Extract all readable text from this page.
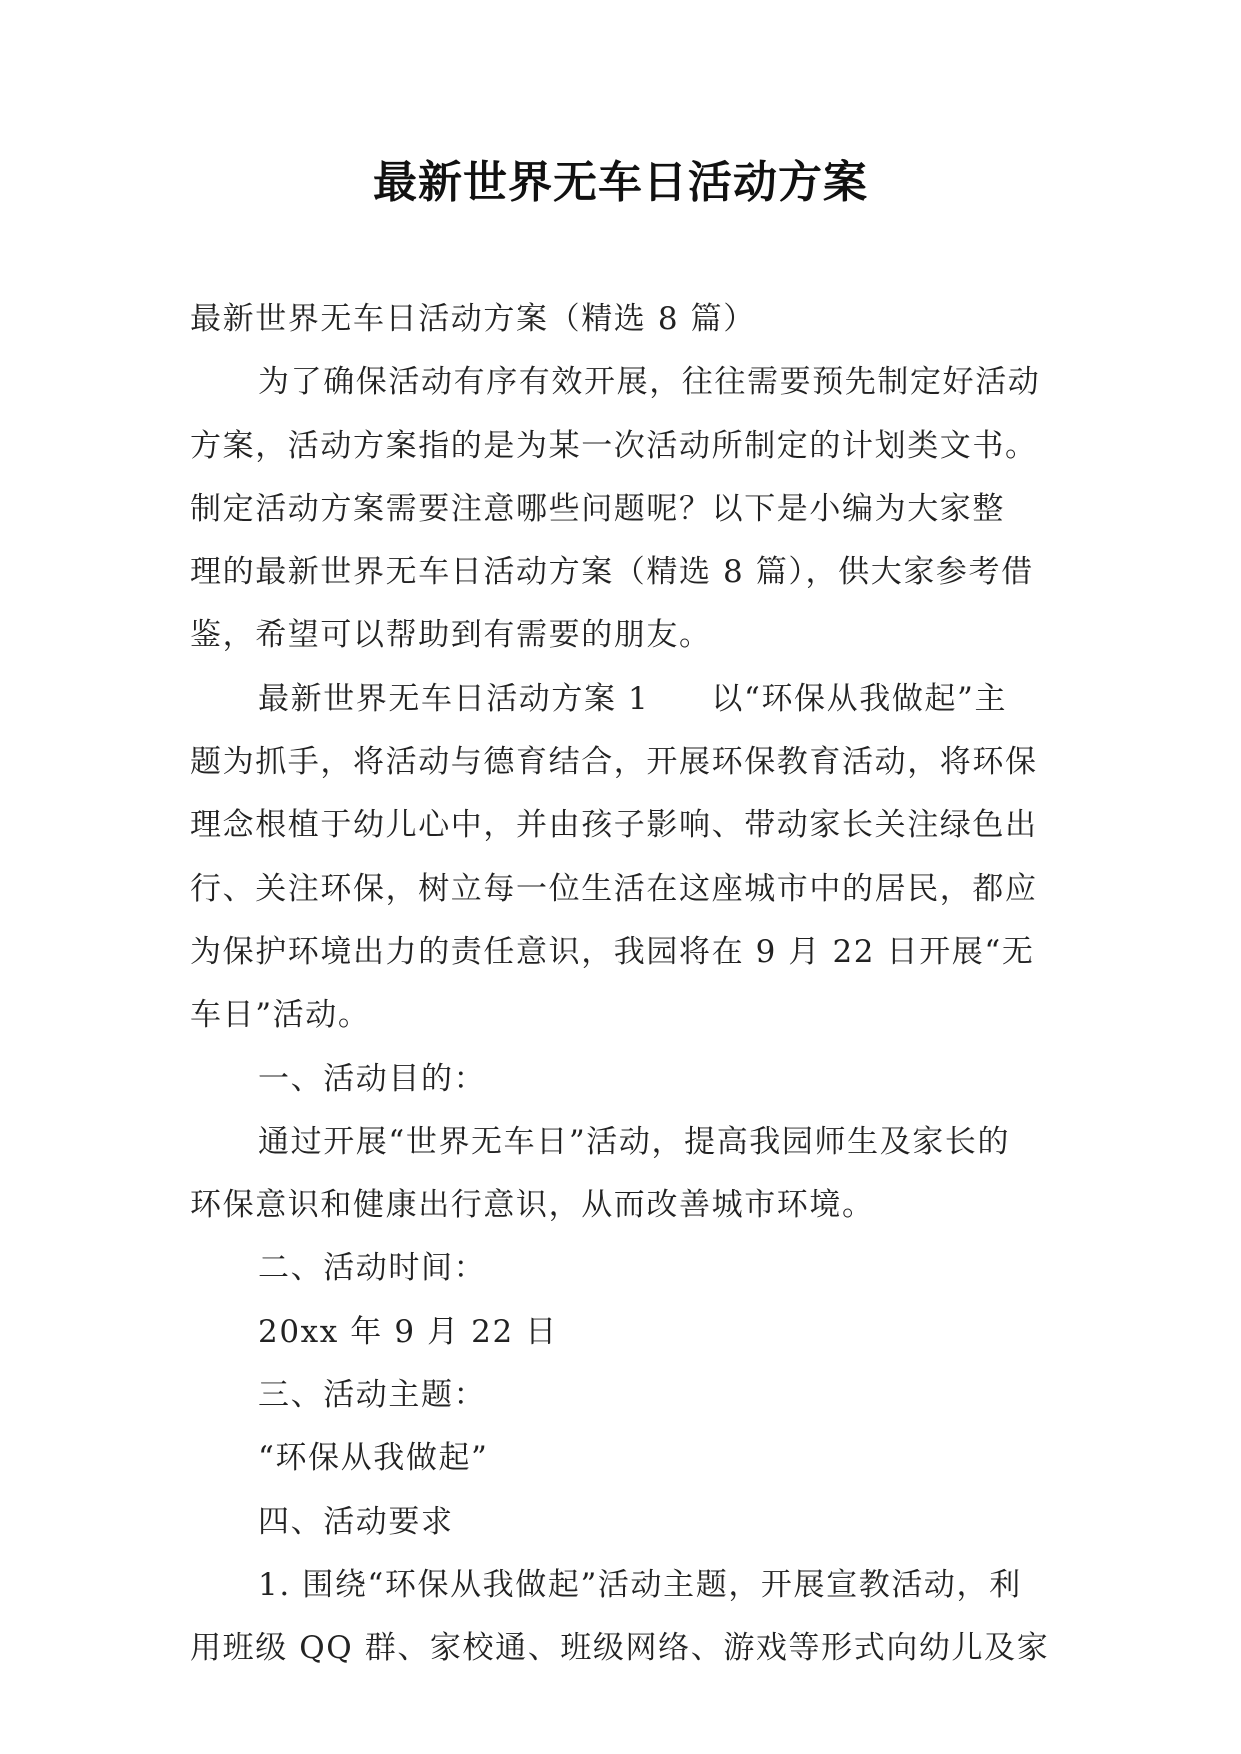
最新世界无车日活动方案
最新世界无车日活动方案（精选 8 篇）
为了确保活动有序有效开展，往往需要预先制定好活动
方案，活动方案指的是为某一次活动所制定的计划类文书。
制定活动方案需要注意哪些问题呢？以下是小编为大家整
理的最新世界无车日活动方案（精选 8 篇），供大家参考借
鉴，希望可以帮助到有需要的朋友。
最新世界无车日活动方案 1 以“环保从我做起”主
题为抓手，将活动与德育结合，开展环保教育活动，将环保
理念根植于幼儿心中，并由孩子影响、带动家长关注绿色出
行、关注环保，树立每一位生活在这座城市中的居民，都应
为保护环境出力的责任意识，我园将在 9 月 22 日开展“无
车日”活动。
一、活动目的：
通过开展“世界无车日”活动，提高我园师生及家长的
环保意识和健康出行意识，从而改善城市环境。
二、活动时间：
20xx 年 9 月 22 日
三、活动主题：
“环保从我做起”
四、活动要求
1. 围绕“环保从我做起”活动主题，开展宣教活动，利
用班级 QQ 群、家校通、班级网络、游戏等形式向幼儿及家
